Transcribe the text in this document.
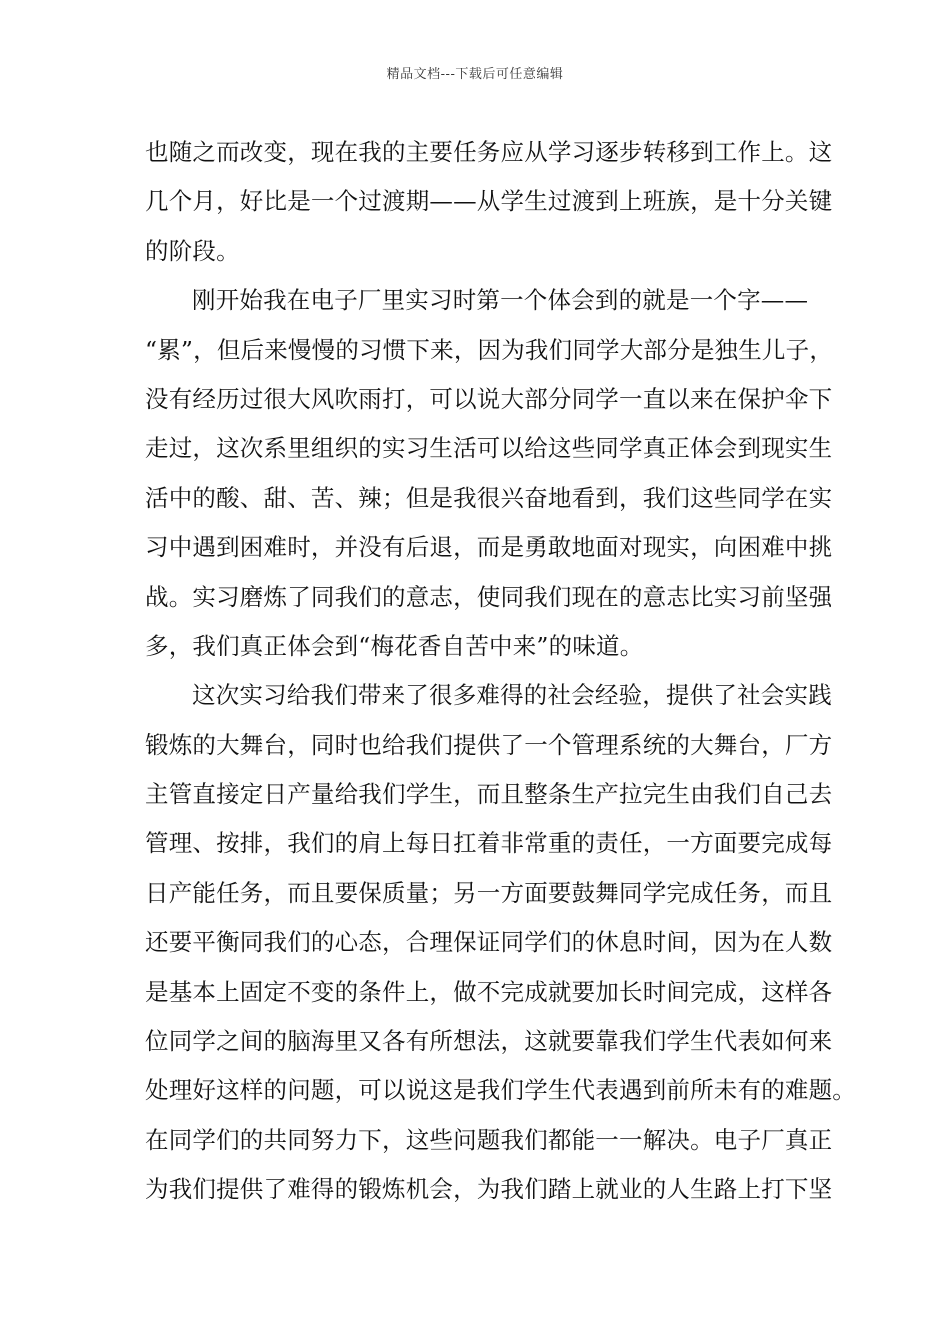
精品文档---下载后可任意编辑
也随之而改变，现在我的主要任务应从学习逐步转移到工作上。这
几个月，好比是一个过渡期——从学生过渡到上班族，是十分关键
的阶段。
刚开始我在电子厂里实习时第一个体会到的就是一个字——
“累”，但后来慢慢的习惯下来，因为我们同学大部分是独生儿子，
没有经历过很大风吹雨打，可以说大部分同学一直以来在保护伞下
走过，这次系里组织的实习生活可以给这些同学真正体会到现实生
活中的酸、甜、苦、辣；但是我很兴奋地看到，我们这些同学在实
习中遇到困难时，并没有后退，而是勇敢地面对现实，向困难中挑
战。实习磨炼了同我们的意志，使同我们现在的意志比实习前坚强
多，我们真正体会到“梅花香自苦中来”的味道。
这次实习给我们带来了很多难得的社会经验，提供了社会实践
锻炼的大舞台，同时也给我们提供了一个管理系统的大舞台，厂方
主管直接定日产量给我们学生，而且整条生产拉完生由我们自己去
管理、按排，我们的肩上每日扛着非常重的责任，一方面要完成每
日产能任务，而且要保质量；另一方面要鼓舞同学完成任务，而且
还要平衡同我们的心态，合理保证同学们的休息时间，因为在人数
是基本上固定不变的条件上，做不完成就要加长时间完成，这样各
位同学之间的脑海里又各有所想法，这就要靠我们学生代表如何来
处理好这样的问题，可以说这是我们学生代表遇到前所未有的难题。
在同学们的共同努力下，这些问题我们都能一一解决。电子厂真正
为我们提供了难得的锻炼机会，为我们踏上就业的人生路上打下坚
